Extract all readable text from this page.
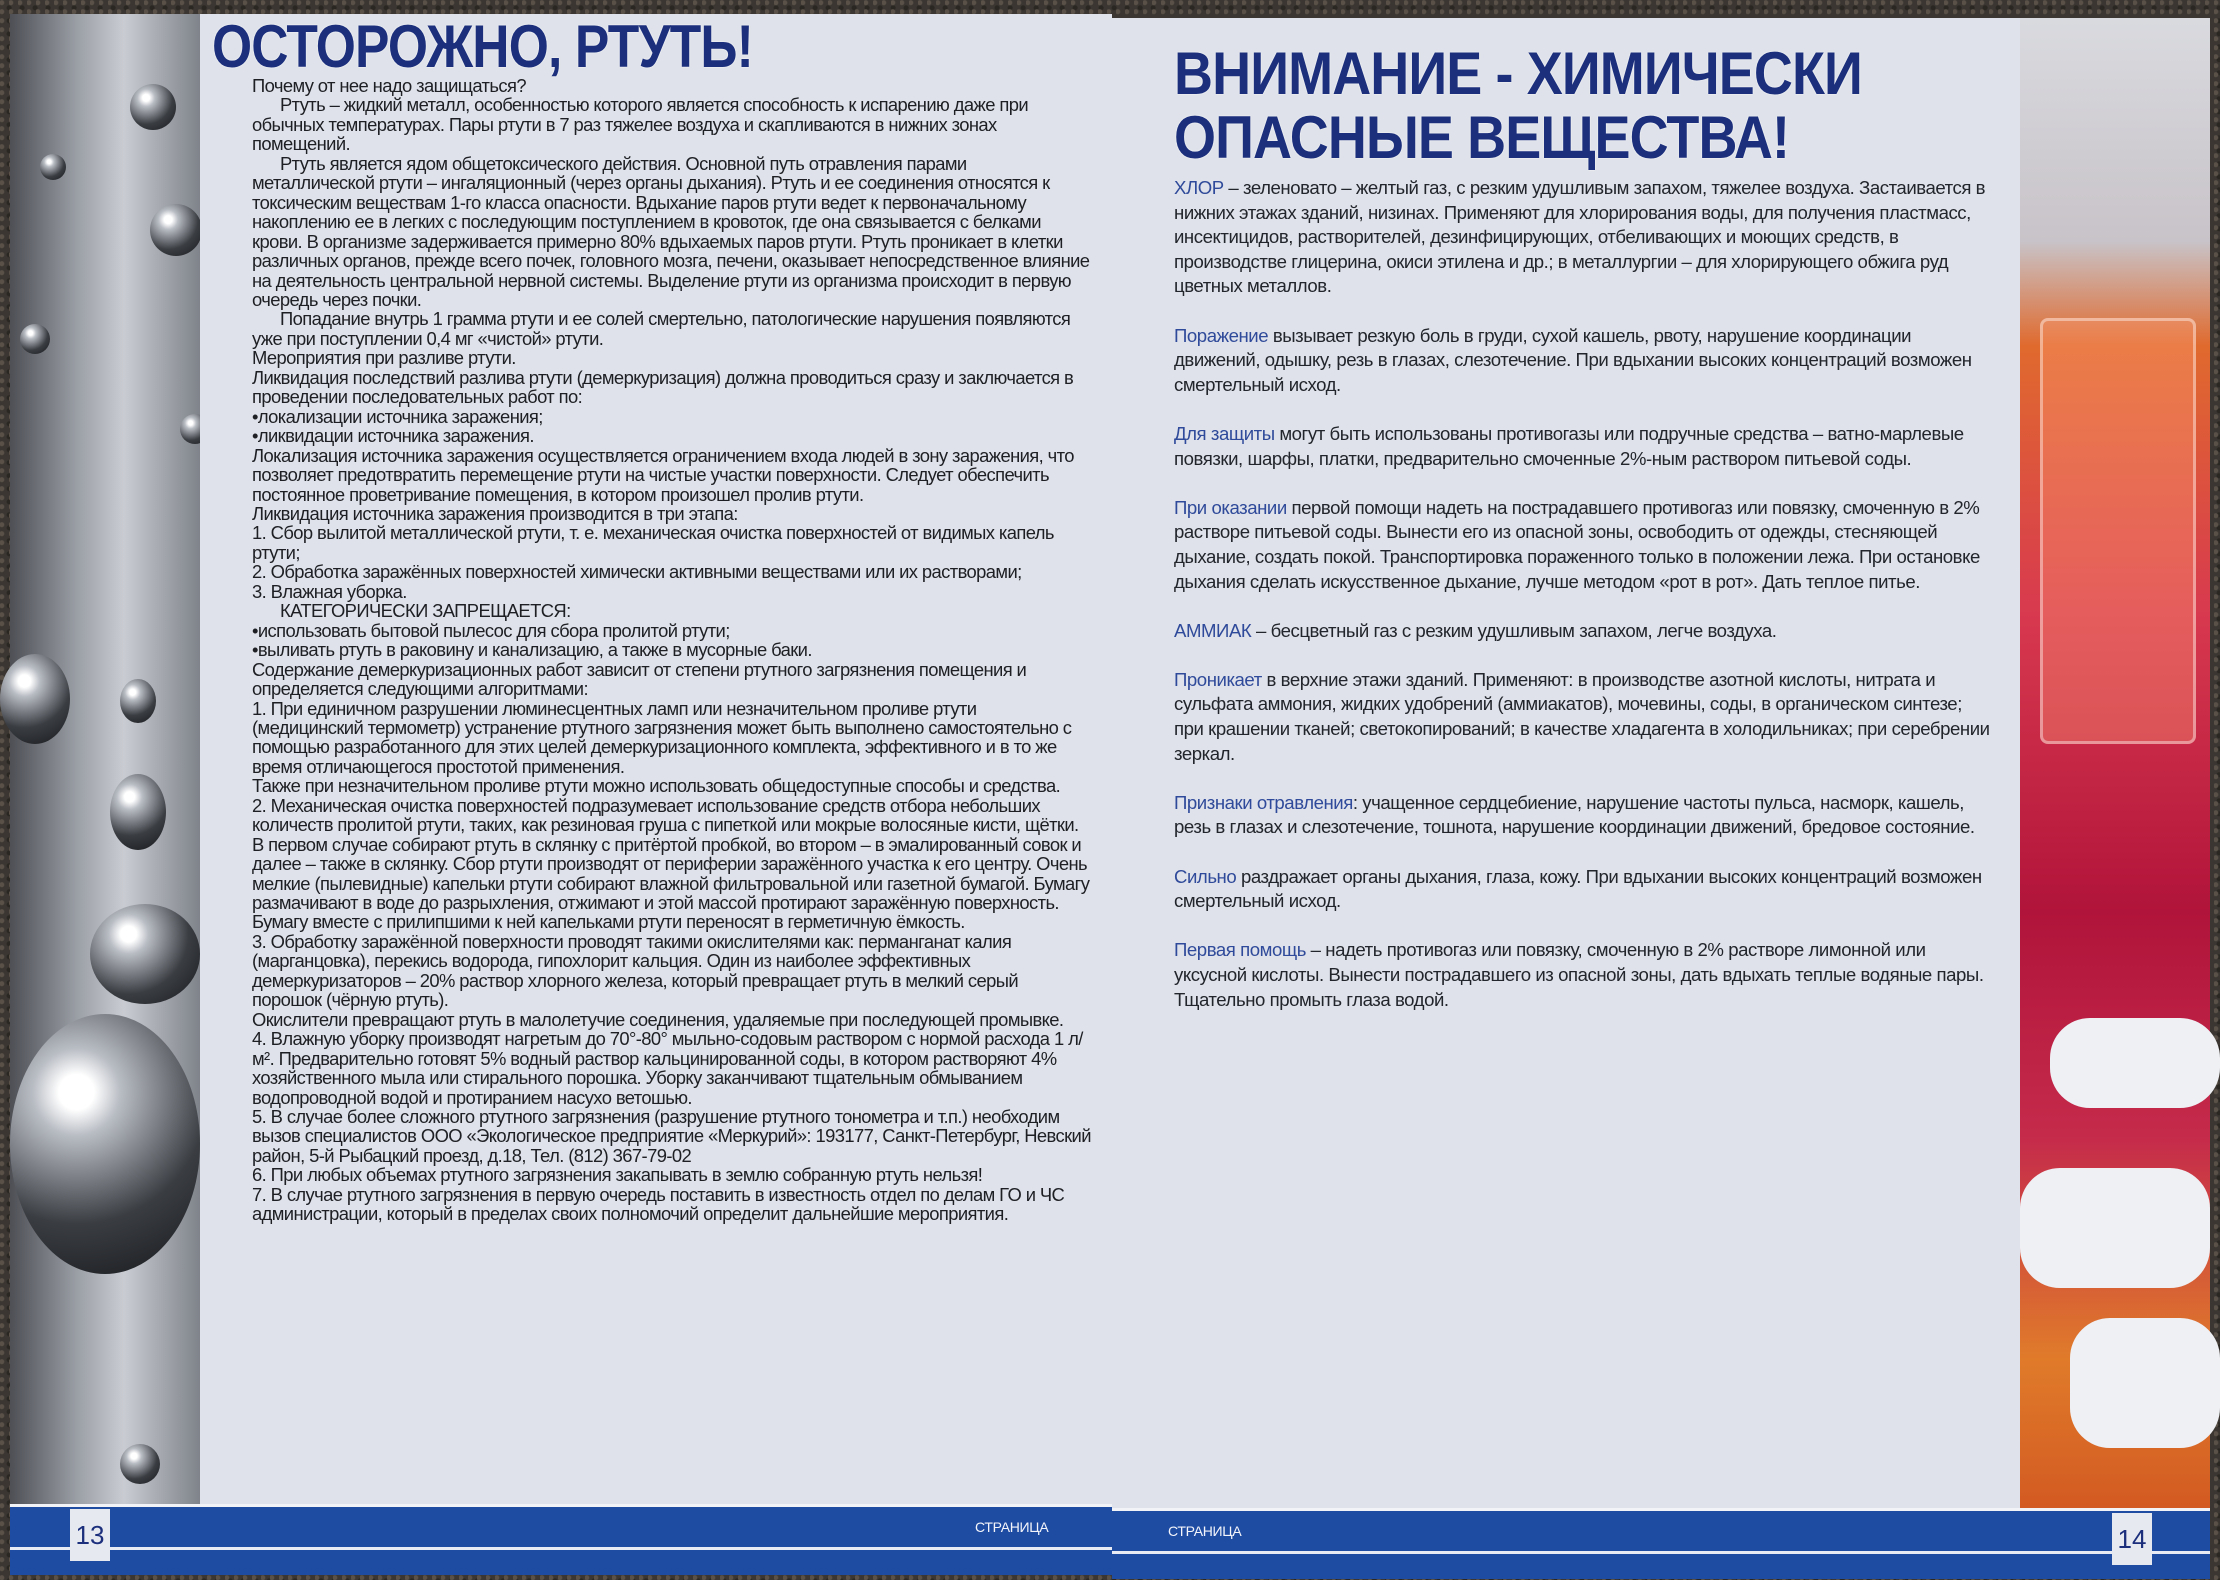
ОСТОРОЖНО, РТУТЬ!

Почему от нее надо защищаться?

Ртуть – жидкий металл, особенностью которого является способность к испарению даже при обычных температурах. Пары ртути в 7 раз тяжелее воздуха и скапливаются в нижних зонах помещений.

Ртуть является ядом общетоксического действия. Основной путь отравления парами металлической ртути – ингаляционный (через органы дыхания). Ртуть и ее соединения относятся к токсическим веществам 1-го класса опасности. Вдыхание паров ртути ведет к первоначальному накоплению ее в легких с последующим поступлением в кровоток, где она связывается с белками крови. В организме задерживается примерно 80% вдыхаемых паров ртути. Ртуть проникает в клетки различных органов, прежде всего почек, головного мозга, печени, оказывает непосредственное влияние на деятельность центральной нервной системы. Выделение ртути из организма происходит в первую очередь через почки.

Попадание внутрь 1 грамма ртути и ее солей смертельно, патологические нарушения появляются уже при поступлении 0,4 мг «чистой» ртути.

Мероприятия при разливе ртути.

Ликвидация последствий разлива ртути (демеркуризация) должна проводиться сразу и заключается в проведении последовательных работ по:

•локализации источника заражения;

•ликвидации источника заражения.

Локализация источника заражения осуществляется ограничением входа людей в зону заражения, что позволяет предотвратить перемещение ртути на чистые участки поверхности. Следует обеспечить постоянное проветривание помещения, в котором произошел пролив ртути.

Ликвидация источника заражения производится в три этапа:

1. Сбор вылитой металлической ртути, т. е. механическая очистка поверхностей от видимых капель ртути;

2. Обработка заражённых поверхностей химически активными веществами или их растворами;

3. Влажная уборка.

КАТЕГОРИЧЕСКИ ЗАПРЕЩАЕТСЯ:

•использовать бытовой пылесос для сбора пролитой ртути;

•выливать ртуть в раковину и канализацию, а также в мусорные баки.

Содержание демеркуризационных работ зависит от степени ртутного загрязнения помещения и определяется следующими алгоритмами:

1. При единичном разрушении люминесцентных ламп или незначительном проливе ртути (медицинский термометр) устранение ртутного загрязнения может быть выполнено самостоятельно с помощью разработанного для этих целей демеркуризационного комплекта, эффективного и в то же время отличающегося простотой применения.

Также при незначительном проливе ртути можно использовать общедоступные способы и средства.

2. Механическая очистка поверхностей подразумевает использование средств отбора небольших количеств пролитой ртути, таких, как резиновая груша с пипеткой или мокрые волосяные кисти, щётки.

В первом случае собирают ртуть в склянку с притёртой пробкой, во втором – в эмалированный совок и далее – также в склянку. Сбор ртути производят от периферии заражённого участка к его центру. Очень мелкие (пылевидные) капельки ртути собирают влажной фильтровальной или газетной бумагой. Бумагу размачивают в воде до разрыхления, отжимают и этой массой протирают заражённую поверхность. Бумагу вместе с прилипшими к ней капельками ртути переносят в герметичную ёмкость.

3. Обработку заражённой поверхности проводят такими окислителями как: перманганат калия (марганцовка), перекись водорода, гипохлорит кальция. Один из наиболее эффективных демеркуризаторов – 20% раствор хлорного железа, который превращает ртуть в мелкий серый порошок (чёрную ртуть).

Окислители превращают ртуть в малолетучие соединения, удаляемые при последующей промывке.

4. Влажную уборку производят нагретым до 70°-80° мыльно-содовым раствором с нормой расхода 1 л/м². Предварительно готовят 5% водный раствор кальцинированной соды, в котором растворяют 4% хозяйственного мыла или стирального порошка. Уборку заканчивают тщательным обмыванием водопроводной водой и протиранием насухо ветошью.

5. В случае более сложного ртутного загрязнения (разрушение ртутного тонометра и т.п.) необходим вызов специалистов ООО «Экологическое предприятие «Меркурий»: 193177, Санкт-Петербург, Невский район, 5-й Рыбацкий проезд, д.18, Тел. (812) 367-79-02

6. При любых объемах ртутного загрязнения закапывать в землю собранную ртуть нельзя!

7. В случае ртутного загрязнения в первую очередь поставить в известность отдел по делам ГО и ЧС администрации, который в пределах своих полномочий определит дальнейшие мероприятия.

13	СТРАНИЦА
ВНИМАНИЕ - ХИМИЧЕСКИ
ОПАСНЫЕ ВЕЩЕСТВА!

ХЛОР – зеленовато – желтый газ, с резким удушливым запахом, тяжелее воздуха. Застаивается в нижних этажах зданий, низинах. Применяют для хлорирования воды, для получения пластмасс, инсектицидов, растворителей, дезинфицирующих, отбеливающих и моющих средств, в производстве глицерина, окиси этилена и др.; в металлургии – для хлорирующего обжига руд цветных металлов.

Поражение вызывает резкую боль в груди, сухой кашель, рвоту, нарушение координации движений, одышку, резь в глазах, слезотечение. При вдыхании высоких концентраций возможен смертельный исход.

Для защиты могут быть использованы противогазы или подручные средства – ватно-марлевые повязки, шарфы, платки, предварительно смоченные 2%-ным раствором питьевой соды.

При оказании первой помощи надеть на пострадавшего противогаз или повязку, смоченную в 2% растворе питьевой соды. Вынести его из опасной зоны, освободить от одежды, стесняющей дыхание, создать покой. Транспортировка пораженного только в положении лежа. При остановке дыхания сделать искусственное дыхание, лучше методом «рот в рот». Дать теплое питье.

АММИАК – бесцветный газ с резким удушливым запахом, легче воздуха.

Проникает в верхние этажи зданий. Применяют: в производстве азотной кислоты, нитрата и сульфата аммония, жидких удобрений (аммиакатов), мочевины, соды, в органическом синтезе; при крашении тканей; светокопирований; в качестве хладагента в холодильниках; при серебрении зеркал.

Признаки отравления: учащенное сердцебиение, нарушение частоты пульса, насморк, кашель, резь в глазах и слезотечение, тошнота, нарушение координации движений, бредовое состояние.

Сильно раздражает органы дыхания, глаза, кожу. При вдыхании высоких концентраций возможен смертельный исход.

Первая помощь – надеть противогаз или повязку, смоченную в 2% растворе лимонной или уксусной кислоты. Вынести пострадавшего из опасной зоны, дать вдыхать теплые водяные пары. Тщательно промыть глаза водой.

СТРАНИЦА	14
